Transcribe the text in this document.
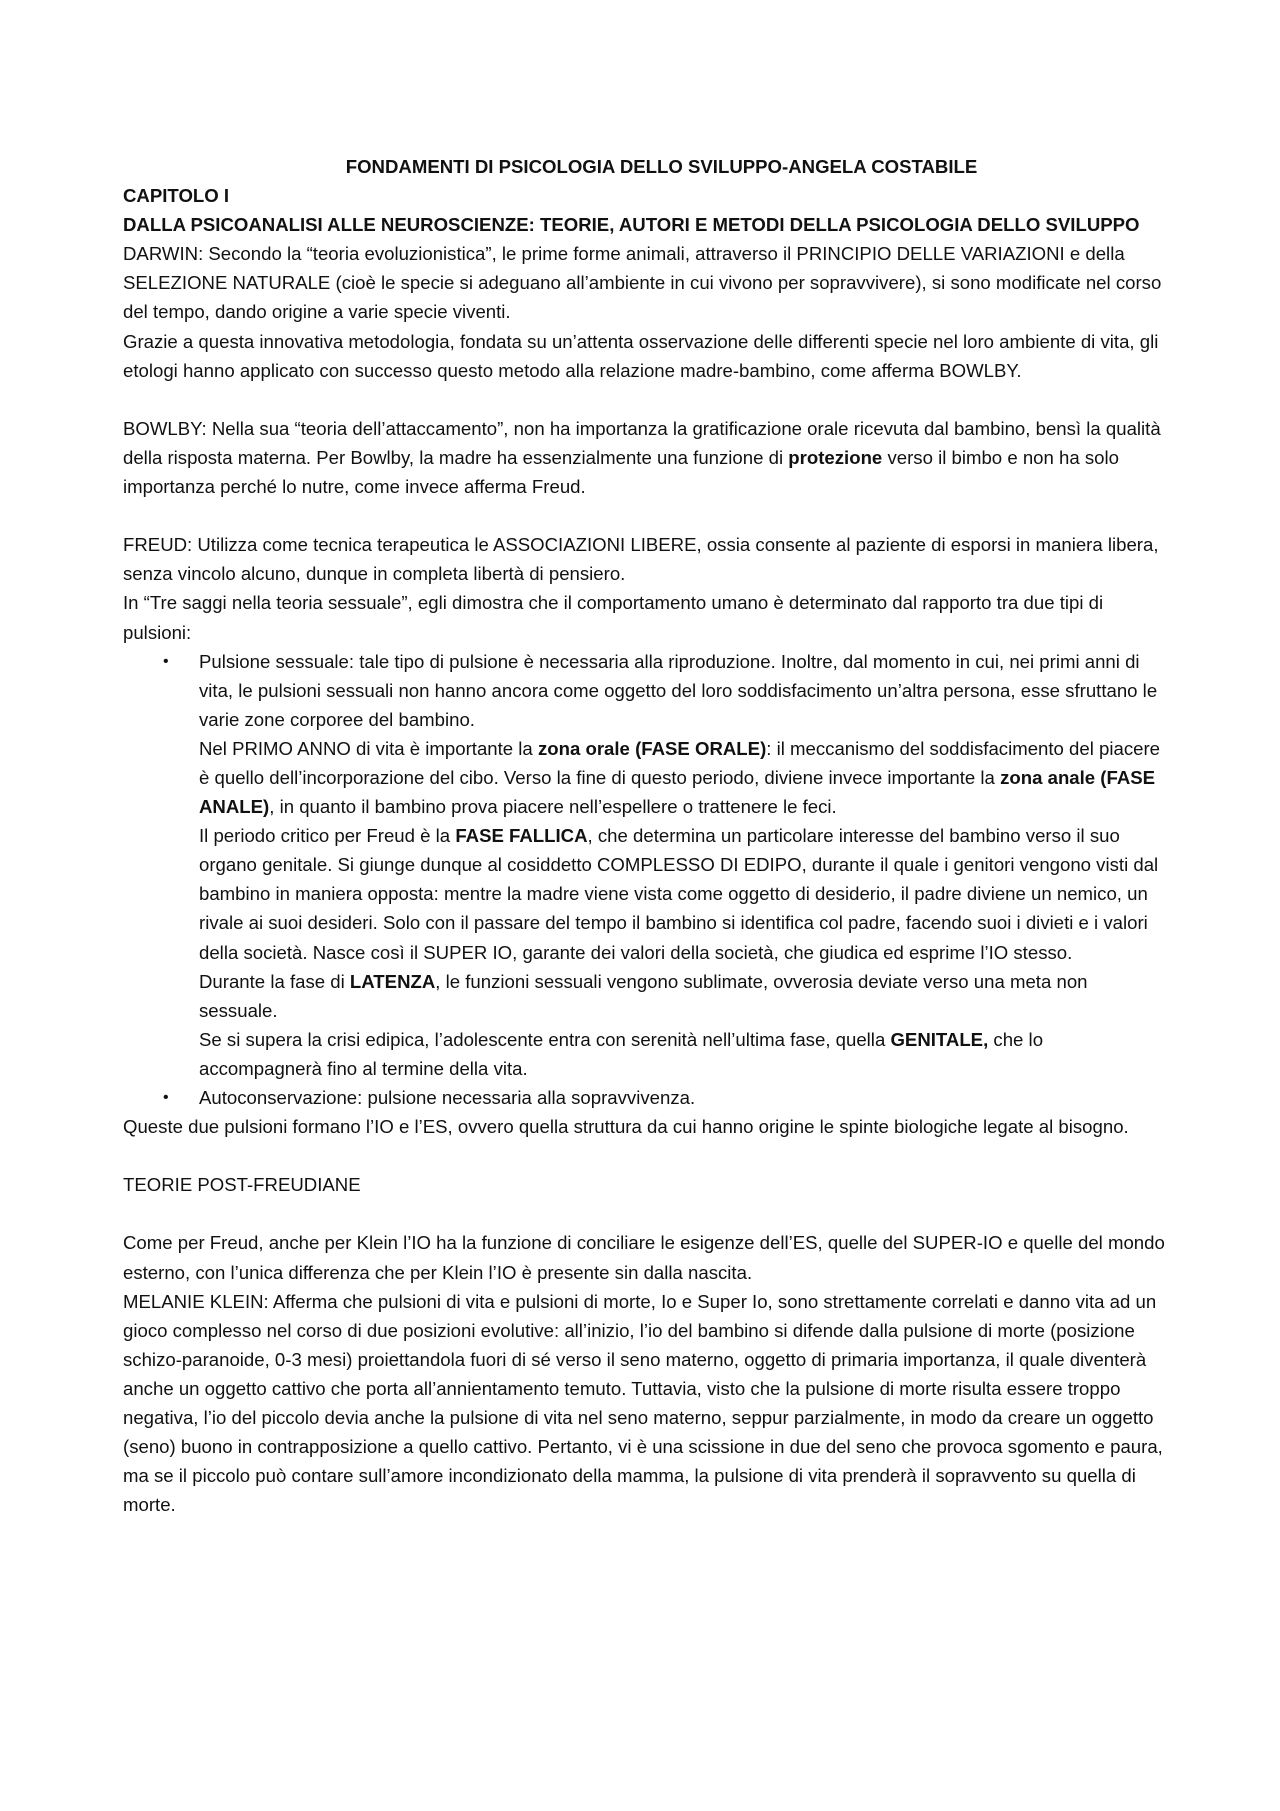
FONDAMENTI DI PSICOLOGIA DELLO SVILUPPO-ANGELA COSTABILE

CAPITOLO I

DALLA PSICOANALISI ALLE NEUROSCIENZE: TEORIE, AUTORI E METODI DELLA PSICOLOGIA DELLO SVILUPPO

DARWIN: Secondo la “teoria evoluzionistica”, le prime forme animali, attraverso il PRINCIPIO DELLE VARIAZIONI e della SELEZIONE NATURALE (cioè le specie si adeguano all’ambiente in cui vivono per sopravvivere), si sono modificate nel corso del tempo, dando origine a varie specie viventi.

Grazie a questa innovativa metodologia, fondata su un’attenta osservazione delle differenti specie nel loro ambiente di vita, gli etologi hanno applicato con successo questo metodo alla relazione madre-bambino, come afferma BOWLBY.

BOWLBY: Nella sua “teoria dell’attaccamento”, non ha importanza la gratificazione orale ricevuta dal bambino, bensì la qualità della risposta materna. Per Bowlby, la madre ha essenzialmente una funzione di protezione verso il bimbo e non ha solo importanza perché lo nutre, come invece afferma Freud.

FREUD: Utilizza come tecnica terapeutica le ASSOCIAZIONI LIBERE, ossia consente al paziente di esporsi in maniera libera, senza vincolo alcuno, dunque in completa libertà di pensiero.

In “Tre saggi nella teoria sessuale”, egli dimostra che il comportamento umano è determinato dal rapporto tra due tipi di pulsioni:

• Pulsione sessuale: tale tipo di pulsione è necessaria alla riproduzione. Inoltre, dal momento in cui, nei primi anni di vita, le pulsioni sessuali non hanno ancora come oggetto del loro soddisfacimento un’altra persona, esse sfruttano le varie zone corporee del bambino.

Nel PRIMO ANNO di vita è importante la zona orale (FASE ORALE): il meccanismo del soddisfacimento del piacere è quello dell’incorporazione del cibo. Verso la fine di questo periodo, diviene invece importante la zona anale (FASE ANALE), in quanto il bambino prova piacere nell’espellere o trattenere le feci.

Il periodo critico per Freud è la FASE FALLICA, che determina un particolare interesse del bambino verso il suo organo genitale. Si giunge dunque al cosiddetto COMPLESSO DI EDIPO, durante il quale i genitori vengono visti dal bambino in maniera opposta: mentre la madre viene vista come oggetto di desiderio, il padre diviene un nemico, un rivale ai suoi desideri. Solo con il passare del tempo il bambino si identifica col padre, facendo suoi i divieti e i valori della società. Nasce così il SUPER IO, garante dei valori della società, che giudica ed esprime l’IO stesso.

Durante la fase di LATENZA, le funzioni sessuali vengono sublimate, ovverosia deviate verso una meta non sessuale.

Se si supera la crisi edipica, l’adolescente entra con serenità nell’ultima fase, quella GENITALE, che lo accompagnerà fino al termine della vita.

• Autoconservazione: pulsione necessaria alla sopravvivenza.

Queste due pulsioni formano l’IO e l’ES, ovvero quella struttura da cui hanno origine le spinte biologiche legate al bisogno.

TEORIE POST-FREUDIANE

Come per Freud, anche per Klein l’IO ha la funzione di conciliare le esigenze dell’ES, quelle del SUPER-IO e quelle del mondo esterno, con l’unica differenza che per Klein l’IO è presente sin dalla nascita.

MELANIE KLEIN: Afferma che pulsioni di vita e pulsioni di morte, Io e Super Io, sono strettamente correlati e danno vita ad un gioco complesso nel corso di due posizioni evolutive: all’inizio, l’io del bambino si difende dalla pulsione di morte (posizione schizo-paranoide, 0-3 mesi) proiettandola fuori di sé verso il seno materno, oggetto di primaria importanza, il quale diventerà anche un oggetto cattivo che porta all’annientamento temuto. Tuttavia, visto che la pulsione di morte risulta essere troppo negativa, l’io del piccolo devia anche la pulsione di vita nel seno materno, seppur parzialmente, in modo da creare un oggetto (seno) buono in contrapposizione a quello cattivo. Pertanto, vi è una scissione in due del seno che provoca sgomento e paura, ma se il piccolo può contare sull’amore incondizionato della mamma, la pulsione di vita prenderà il sopravvento su quella di morte.
